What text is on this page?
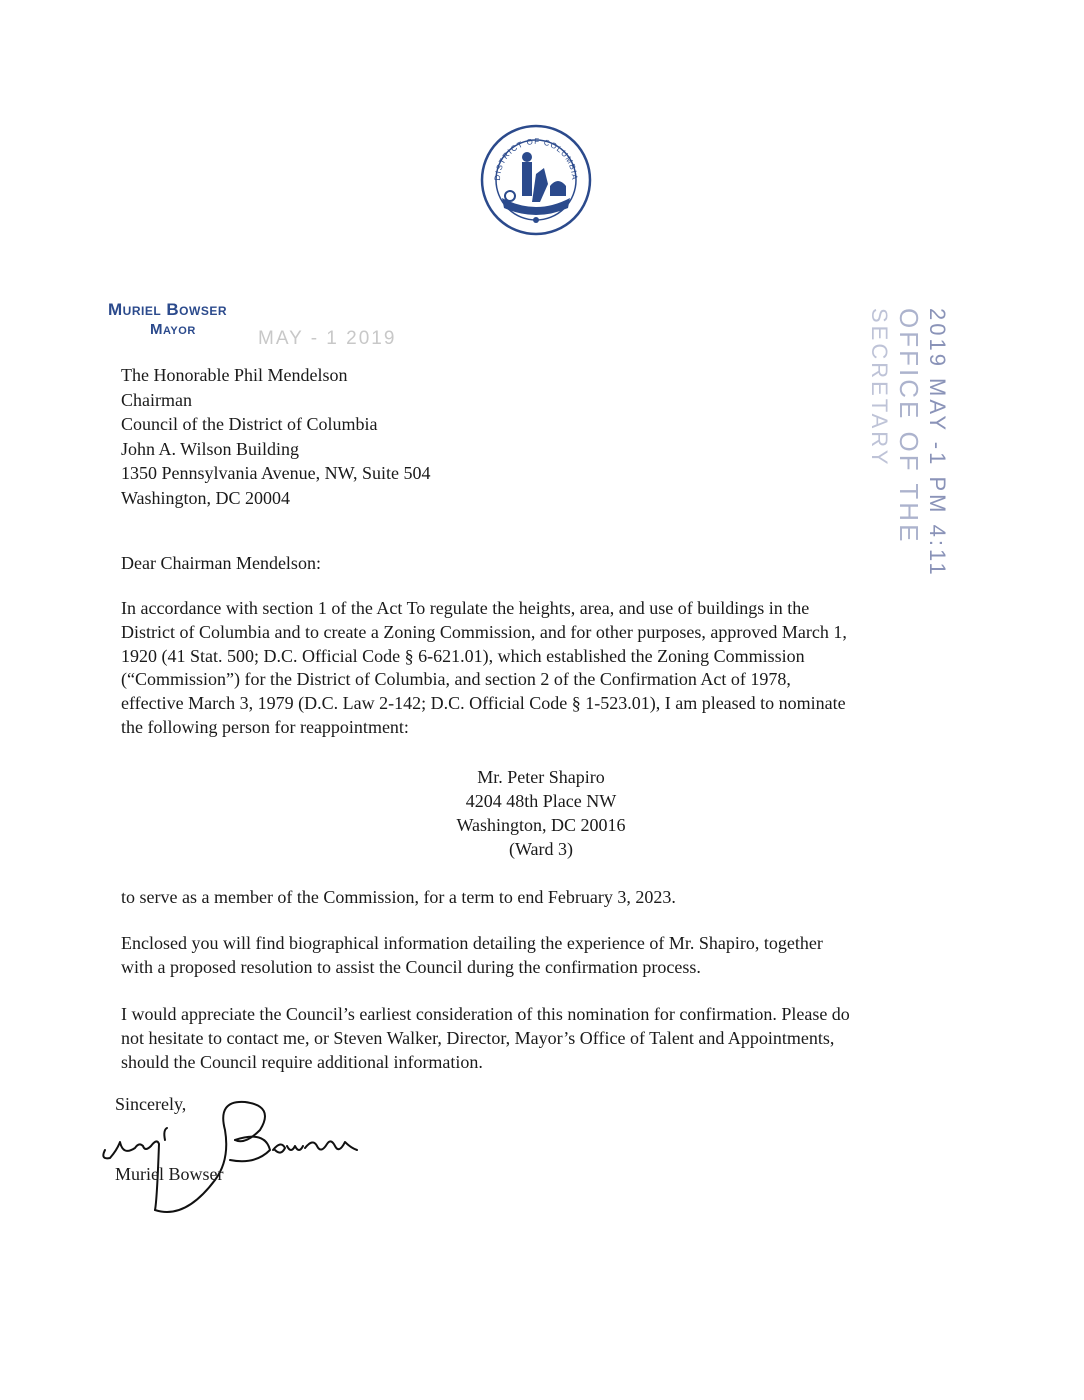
DISTRICT OF COLUMBIA
Muriel Bowser
Mayor	MAY - 1 2019	2019 MAY -1 PM 4:11
OFFICE OF THE
SECRETARY
The Honorable Phil Mendelson
Chairman
Council of the District of Columbia
John A. Wilson Building
1350 Pennsylvania Avenue, NW, Suite 504
Washington, DC 20004
Dear Chairman Mendelson:
In accordance with section 1 of the Act To regulate the heights, area, and use of buildings in the
District of Columbia and to create a Zoning Commission, and for other purposes, approved March 1,
1920 (41 Stat. 500; D.C. Official Code § 6-621.01), which established the Zoning Commission
(“Commission”) for the District of Columbia, and section 2 of the Confirmation Act of 1978,
effective March 3, 1979 (D.C. Law 2-142; D.C. Official Code § 1-523.01), I am pleased to nominate
the following person for reappointment:
Mr. Peter Shapiro
4204 48th Place NW
Washington, DC 20016
(Ward 3)
to serve as a member of the Commission, for a term to end February 3, 2023.
Enclosed you will find biographical information detailing the experience of Mr. Shapiro, together
with a proposed resolution to assist the Council during the confirmation process.
I would appreciate the Council’s earliest consideration of this nomination for confirmation. Please do
not hesitate to contact me, or Steven Walker, Director, Mayor’s Office of Talent and Appointments,
should the Council require additional information.
Sincerely,
Muriel Bowser
